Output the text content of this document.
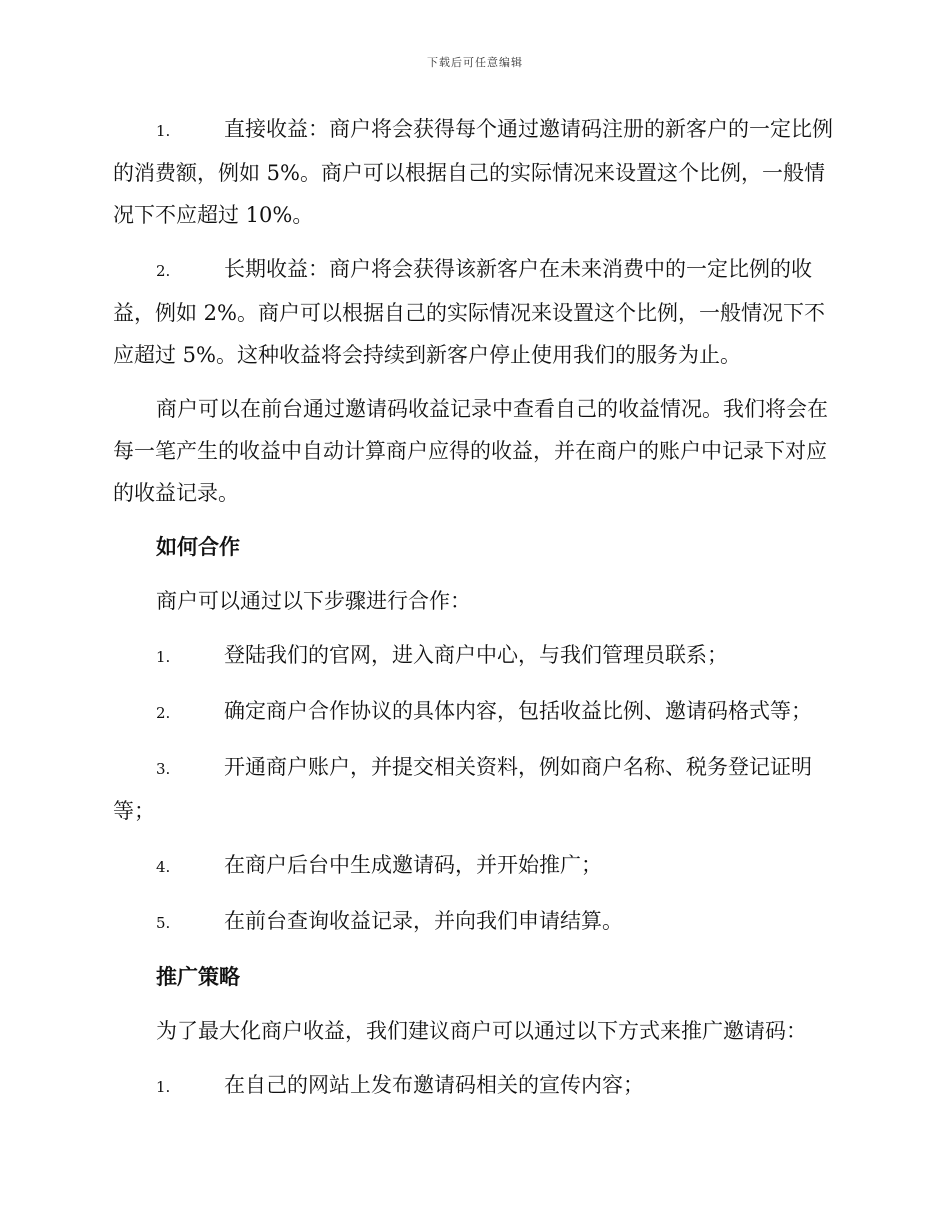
下载后可任意编辑

1.	直接收益：商户将会获得每个通过邀请码注册的新客户的一定比例的消费额，例如 5%。商户可以根据自己的实际情况来设置这个比例，一般情况下不应超过 10%。

2.	长期收益：商户将会获得该新客户在未来消费中的一定比例的收益，例如 2%。商户可以根据自己的实际情况来设置这个比例，一般情况下不应超过 5%。这种收益将会持续到新客户停止使用我们的服务为止。

商户可以在前台通过邀请码收益记录中查看自己的收益情况。我们将会在每一笔产生的收益中自动计算商户应得的收益，并在商户的账户中记录下对应的收益记录。

如何合作

商户可以通过以下步骤进行合作：

1.	登陆我们的官网，进入商户中心，与我们管理员联系；

2.	确定商户合作协议的具体内容，包括收益比例、邀请码格式等；

3.	开通商户账户，并提交相关资料，例如商户名称、税务登记证明等；

4.	在商户后台中生成邀请码，并开始推广；

5.	在前台查询收益记录，并向我们申请结算。

推广策略

为了最大化商户收益，我们建议商户可以通过以下方式来推广邀请码：

1.	在自己的网站上发布邀请码相关的宣传内容；
